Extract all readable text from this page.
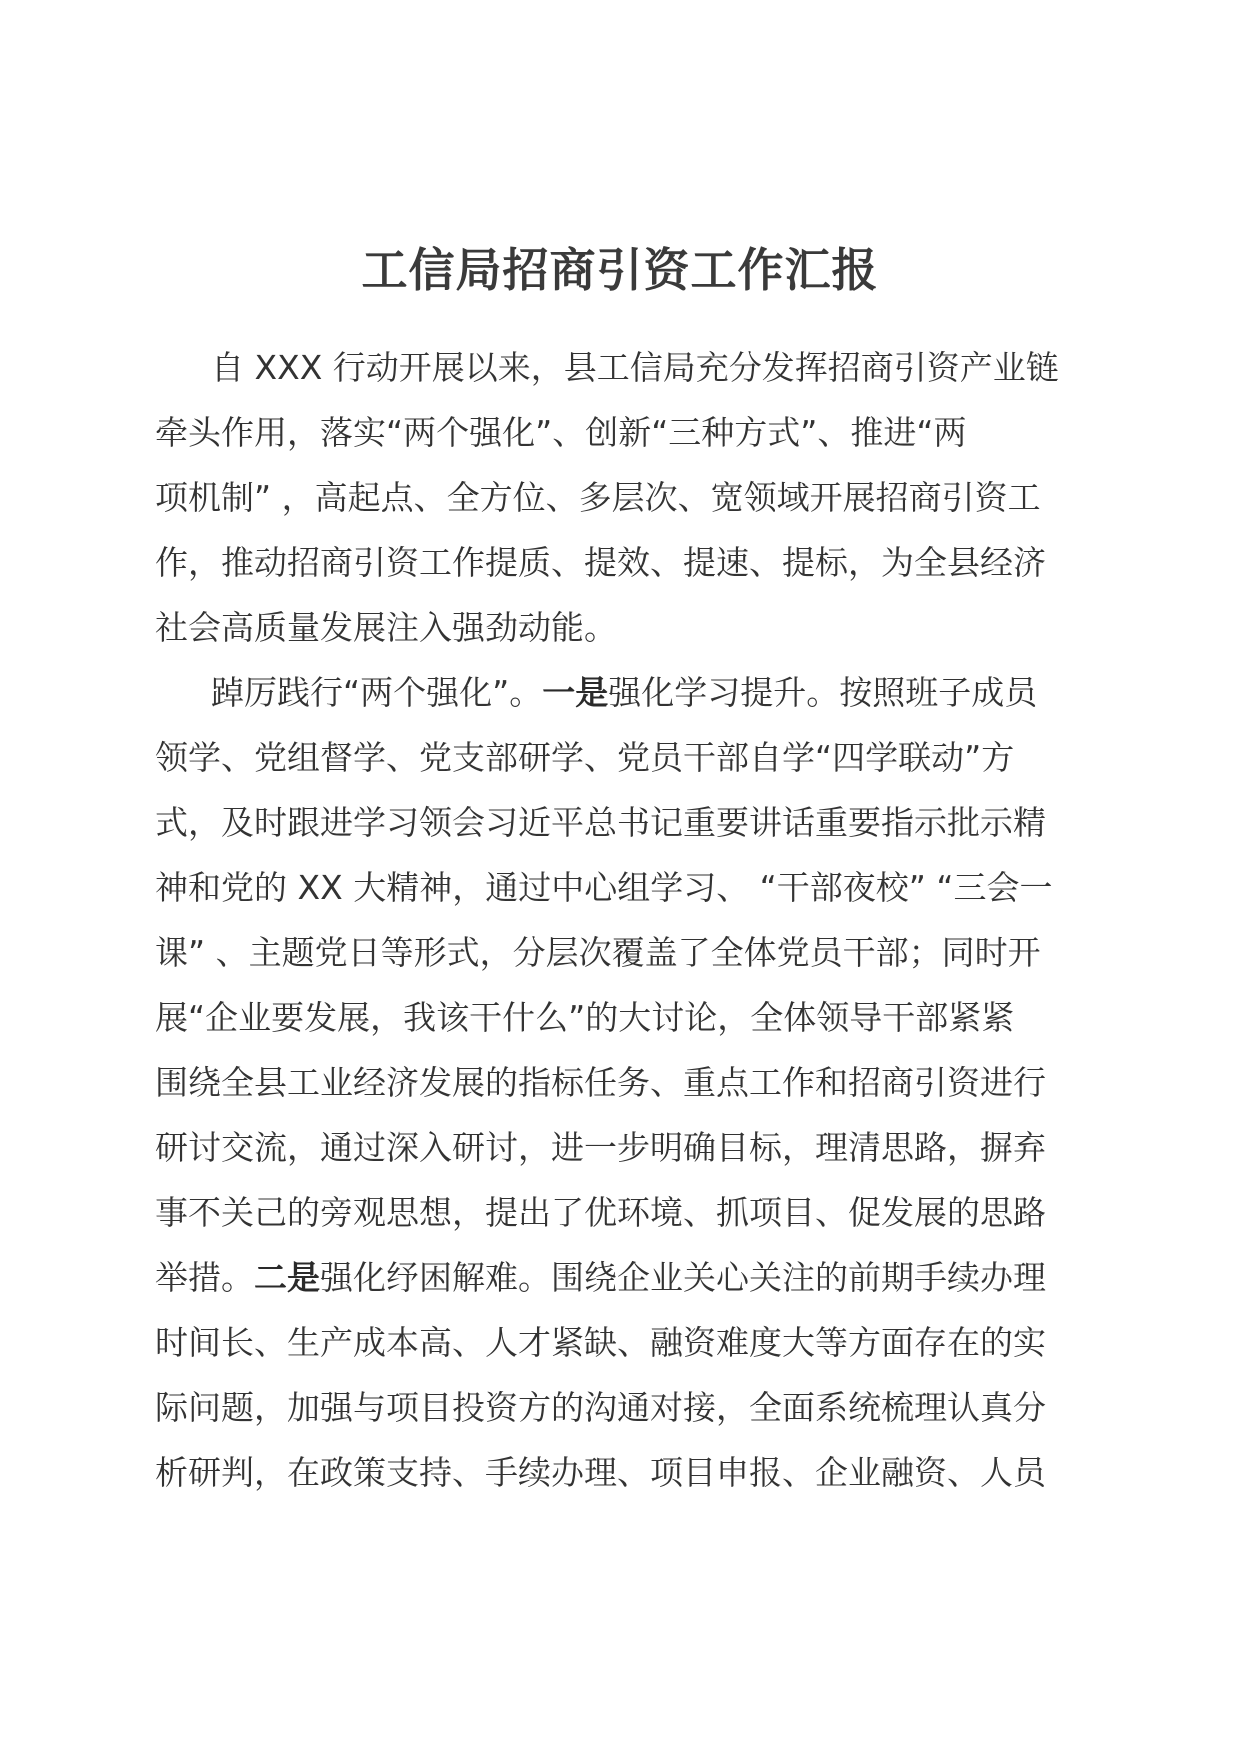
工信局招商引资工作汇报

自 XXX 行动开展以来，县工信局充分发挥招商引资产业链
牵头作用，落实“两个强化”、创新“三种方式”、推进“两
项机制” ，高起点、全方位、多层次、宽领域开展招商引资工
作，推动招商引资工作提质、提效、提速、提标，为全县经济
社会高质量发展注入强劲动能。

踔厉践行“两个强化”。一是强化学习提升。按照班子成员
领学、党组督学、党支部研学、党员干部自学“四学联动”方
式，及时跟进学习领会习近平总书记重要讲话重要指示批示精
神和党的 XX 大精神，通过中心组学习、 “干部夜校” “三会一
课” 、主题党日等形式，分层次覆盖了全体党员干部；同时开
展“企业要发展，我该干什么”的大讨论，全体领导干部紧紧
围绕全县工业经济发展的指标任务、重点工作和招商引资进行
研讨交流，通过深入研讨，进一步明确目标，理清思路，摒弃
事不关己的旁观思想，提出了优环境、抓项目、促发展的思路
举措。二是强化纾困解难。围绕企业关心关注的前期手续办理
时间长、生产成本高、人才紧缺、融资难度大等方面存在的实
际问题，加强与项目投资方的沟通对接，全面系统梳理认真分
析研判，在政策支持、手续办理、项目申报、企业融资、人员
